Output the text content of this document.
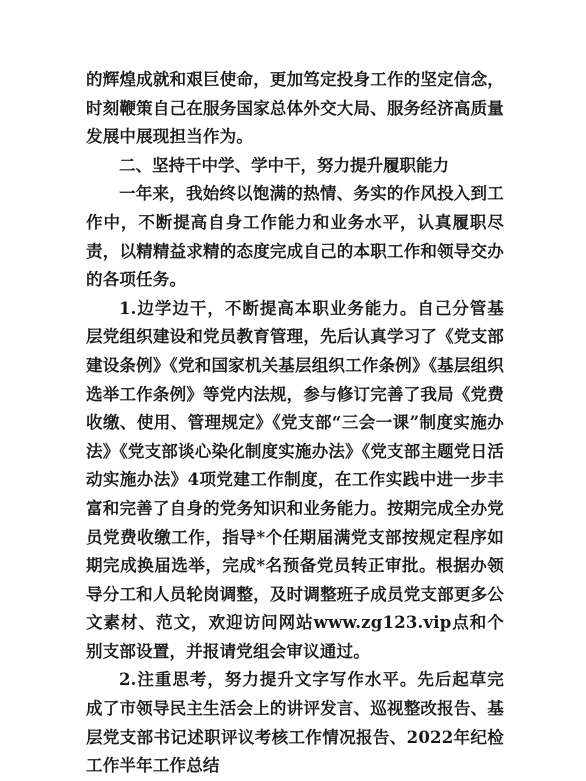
的辉煌成就和艰巨使命，更加笃定投身工作的坚定信念，时刻鞭策自己在服务国家总体外交大局、服务经济高质量发展中展现担当作为。

二、坚持干中学、学中干，努力提升履职能力

一年来，我始终以饱满的热情、务实的作风投入到工作中，不断提高自身工作能力和业务水平，认真履职尽责，以精精益求精的态度完成自己的本职工作和领导交办的各项任务。

1.边学边干，不断提高本职业务能力。自己分管基层党组织建设和党员教育管理，先后认真学习了《党支部建设条例》《党和国家机关基层组织工作条例》《基层组织选举工作条例》等党内法规，参与修订完善了我局《党费收缴、使用、管理规定》《党支部“三会一课”制度实施办法》《党支部谈心染化制度实施办法》《党支部主题党日活动实施办法》4项党建工作制度，在工作实践中进一步丰富和完善了自身的党务知识和业务能力。按期完成全办党员党费收缴工作，指导*个任期届满党支部按规定程序如期完成换届选举，完成*名预备党员转正审批。根据办领导分工和人员轮岗调整，及时调整班子成员党支部更多公文素材、范文，欢迎访问网站www.zg123.vip点和个别支部设置，并报请党组会审议通过。

2.注重思考，努力提升文字写作水平。先后起草完成了市领导民主生活会上的讲评发言、巡视整改报告、基层党支部书记述职评议考核工作情况报告、2022年纪检工作半年工作总结
